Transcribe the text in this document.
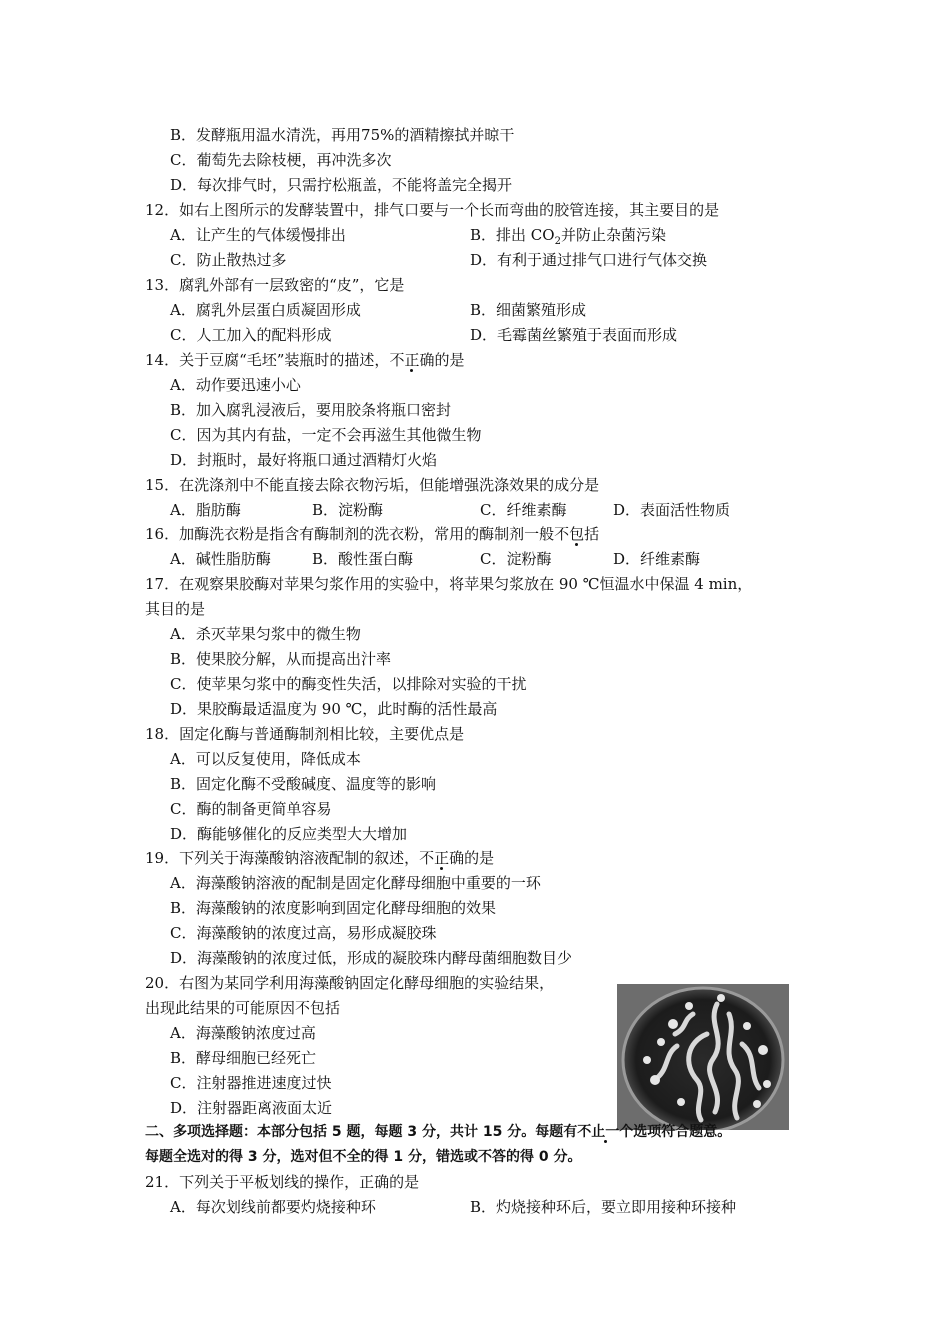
B．发酵瓶用温水清洗，再用75%的酒精擦拭并晾干
C．葡萄先去除枝梗，再冲洗多次
D．每次排气时，只需拧松瓶盖，不能将盖完全揭开
12．如右上图所示的发酵装置中，排气口要与一个长而弯曲的胶管连接，其主要目的是
A．让产生的气体缓慢排出	B．排出 $CO_2$并防止杂菌污染
C．防止散热过多	D．有利于通过排气口进行气体交换
13．腐乳外部有一层致密的“皮”，它是
A．腐乳外层蛋白质凝固形成	B．细菌繁殖形成
C．人工加入的配料形成	D．毛霉菌丝繁殖于表面而形成
14．关于豆腐“毛坯”装瓶时的描述，不正确的是
A．动作要迅速小心
B．加入腐乳浸液后，要用胶条将瓶口密封
C．因为其内有盐，一定不会再滋生其他微生物
D．封瓶时，最好将瓶口通过酒精灯火焰
15．在洗涤剂中不能直接去除衣物污垢，但能增强洗涤效果的成分是
A．脂肪酶	B．淀粉酶	C．纤维素酶	D．表面活性物质
16．加酶洗衣粉是指含有酶制剂的洗衣粉，常用的酶制剂一般不包括
A．碱性脂肪酶	B．酸性蛋白酶	C．淀粉酶	D．纤维素酶
17．在观察果胶酶对苹果匀浆作用的实验中，将苹果匀浆放在 90 ℃恒温水中保温 4 min，
其目的是
A．杀灭苹果匀浆中的微生物
B．使果胶分解，从而提高出汁率
C．使苹果匀浆中的酶变性失活，以排除对实验的干扰
D．果胶酶最适温度为 90 ℃，此时酶的活性最高
18．固定化酶与普通酶制剂相比较，主要优点是
A．可以反复使用，降低成本
B．固定化酶不受酸碱度、温度等的影响
C．酶的制备更简单容易
D．酶能够催化的反应类型大大增加
19．下列关于海藻酸钠溶液配制的叙述，不正确的是
A．海藻酸钠溶液的配制是固定化酵母细胞中重要的一环
B．海藻酸钠的浓度影响到固定化酵母细胞的效果
C．海藻酸钠的浓度过高，易形成凝胶珠
D．海藻酸钠的浓度过低，形成的凝胶珠内酵母菌细胞数目少
20．右图为某同学利用海藻酸钠固定化酵母细胞的实验结果，
出现此结果的可能原因不包括
A．海藻酸钠浓度过高
B．酵母细胞已经死亡
C．注射器推进速度过快
D．注射器距离液面太近
二、多项选择题：本部分包括 5 题，每题 3 分，共计 15 分。每题有不止一个选项符合题意。
每题全选对的得 3 分，选对但不全的得 1 分，错选或不答的得 0 分。
21．下列关于平板划线的操作，正确的是
A．每次划线前都要灼烧接种环	B．灼烧接种环后，要立即用接种环接种
